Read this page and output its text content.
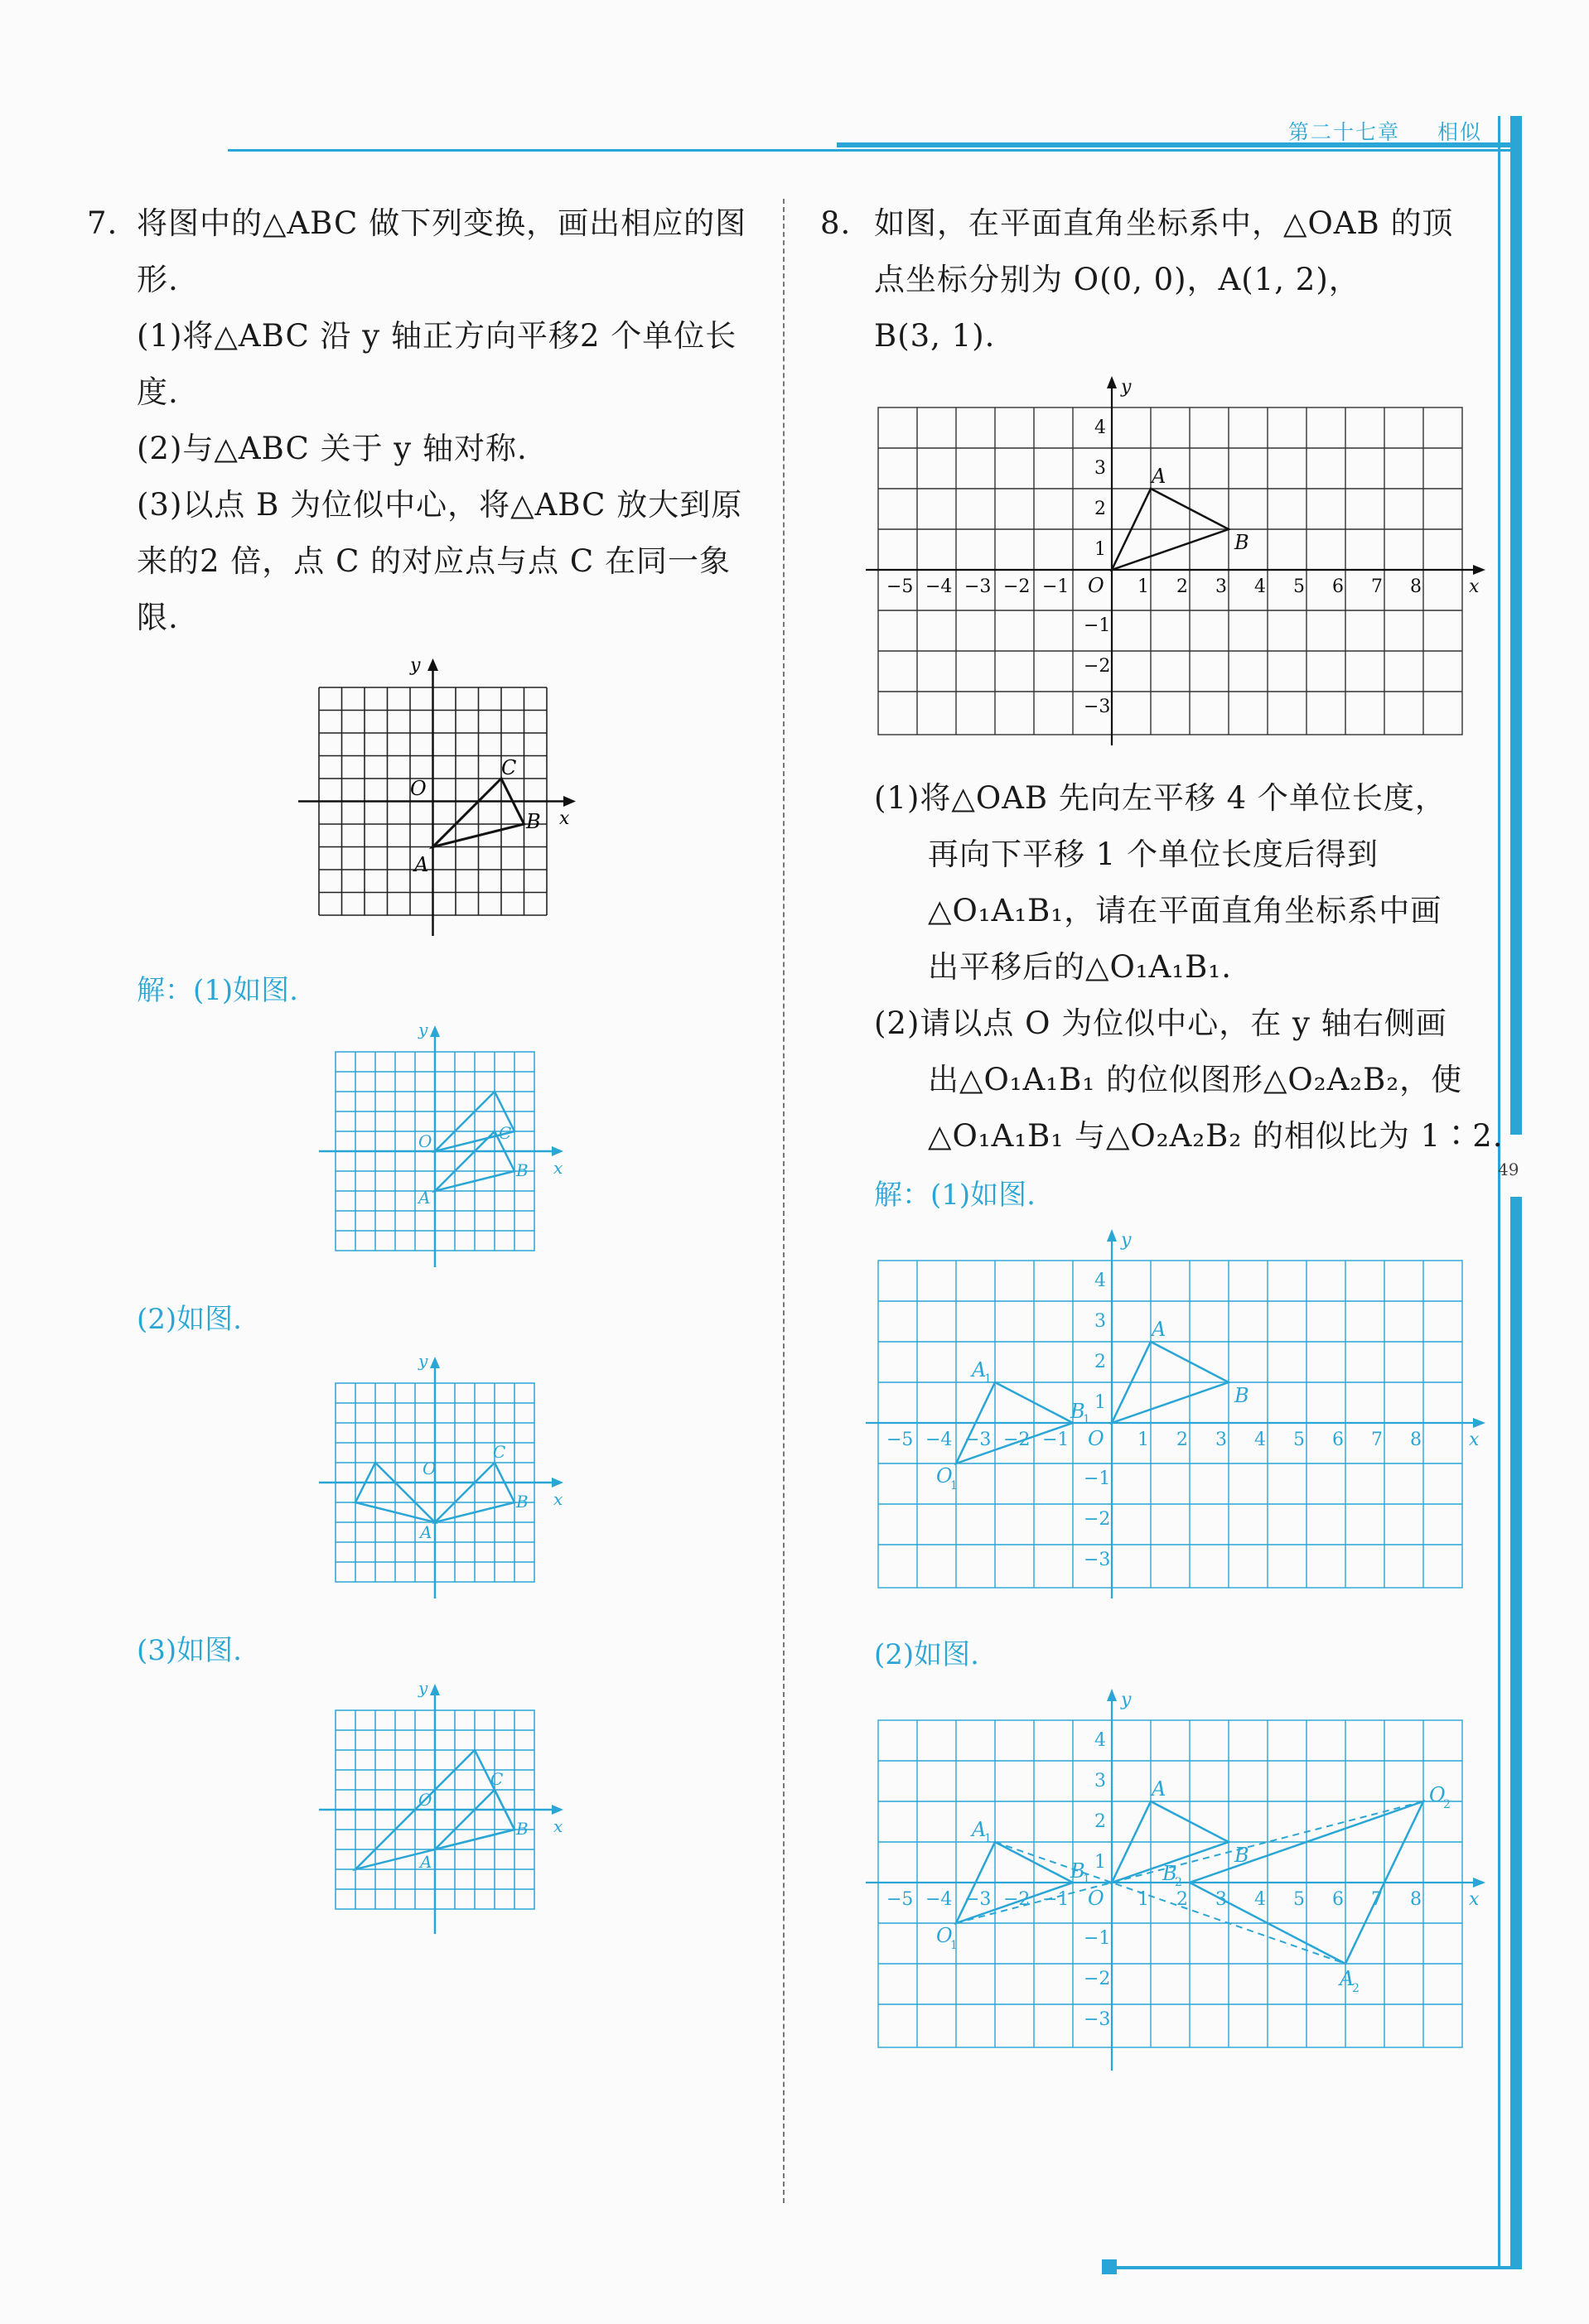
第二十七章 相似
49
7. 将图中的△ABC 做下列变换，画出相应的图形.
(1)将△ABC 沿 y 轴正方向平移2 个单位长度.
(2)与△ABC 关于 y 轴对称.
(3)以点 B 为位似中心，将△ABC 放大到原来的2 倍，点 C 的对应点与点 C 在同一象限.
O
A
B
C
x
y
解：(1)如图.
(2)如图.
(3)如图.
O
A
B
C
x
y
O
A
B
C
x
y
O
A
B
C
x
y
8. 如图，在平面直角坐标系中，△OAB 的顶
点坐标分别为 O(0, 0)，A(1, 2)，
B(3, 1).
(1)将△OAB 先向左平移 4 个单位长度，
再向下平移 1 个单位长度后得到
△O₁A₁B₁，请在平面直角坐标系中画
出平移后的△O₁A₁B₁.
(2)请以点 O 为位似中心，在 y 轴右侧画
出△O₁A₁B₁ 的位似图形△O₂A₂B₂，使
△O₁A₁B₁ 与△O₂A₂B₂ 的相似比为 1∶2.
解：(1)如图.
(2)如图.
O
A
B
x
y
−5 −4 −3 −2 −1	1 2 3 4 5 6 7 8
1
2
3
4
−1
−2
−3
O
A
B
A
1
B
1
O
1
x
y
−5 −4 −3 −2 −1	1 2 3 4 5 6 7 8
1
2
3
4
−1
−2
−3
O
A
B
A
1
B
1
O
1
O
2
A
2
B
2
x
y
−5 −4 −3 −2 −1	1 2 3 4 5 6 7 8
1
2
3
4
−1
−2
−3
